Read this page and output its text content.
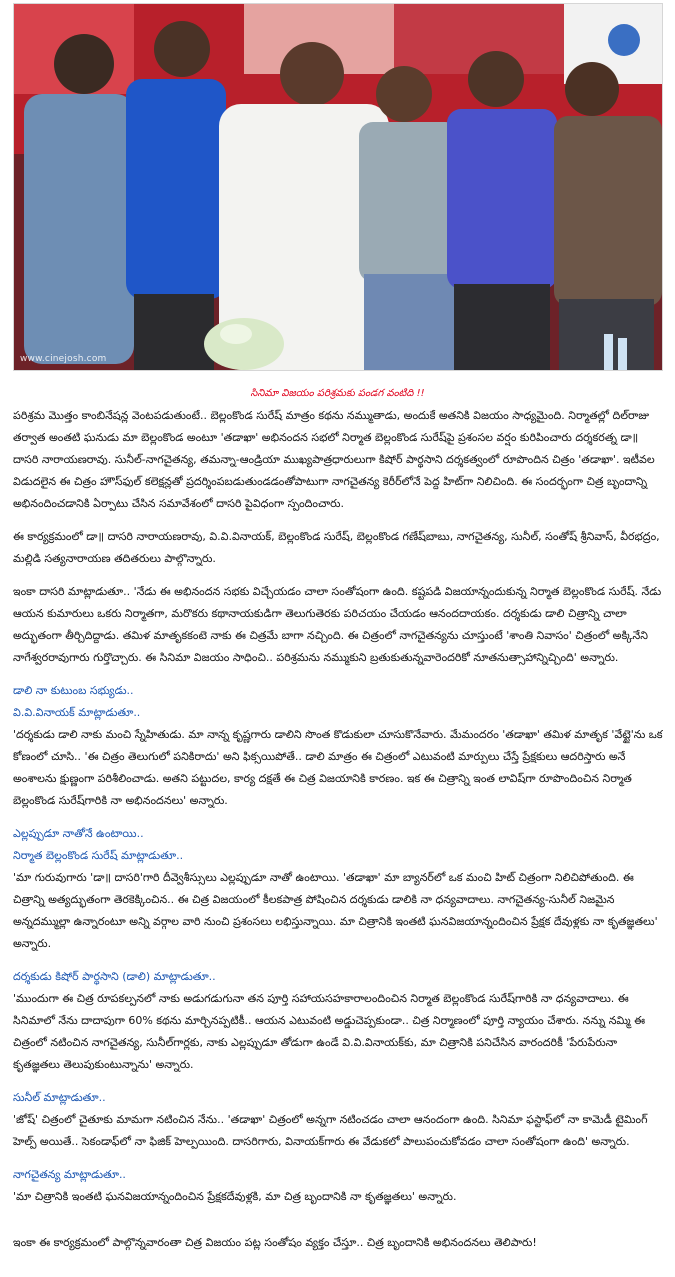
www.cinejosh.com
సినిమా విజయం పరిశ్రమకు పండగ వంటిది !!

పరిశ్రమ మొత్తం కాంబినేషన్ల వెంటపడుతుంటే.. బెల్లంకొండ సురేష్ మాత్రం కథను నమ్ముతాడు, అందుకే అతనికి విజయం సాధ్యమైంది. నిర్మాతల్లో దిల్‌రాజు తర్వాత అంతటి ఘనుడు మా బెల్లంకొండ అంటూ 'తడాఖా' అభినందన సభలో నిర్మాత బెల్లంకొండ సురేష్‌పై ప్రశంసల వర్షం కురిపించారు దర్శకరత్న డా॥దాసరి నారాయణరావు. సునీల్-నాగచైతన్య, తమన్నా-ఆండ్రియా ముఖ్యపాత్రధారులుగా కిషోర్ పార్థసాని దర్శకత్వంలో రూపొందిన చిత్రం 'తడాఖా'. ఇటీవల విడుదలైన ఈ చిత్రం హౌస్‌ఫుల్ కలెక్షన్లతో ప్రదర్శింపబడుతుండడంతోపాటుగా నాగచైతన్య కెరీర్‌లోనే పెద్ద హిట్‌గా నిలిచింది. ఈ సందర్భంగా చిత్ర బృందాన్ని అభినందించడానికి ఏర్పాటు చేసిన సమావేశంలో దాసరి పైవిధంగా స్పందించారు.

ఈ కార్యక్రమంలో డా॥ దాసరి నారాయణరావు, వి.వి.వినాయక్, బెల్లంకొండ సురేష్, బెల్లంకొండ గణేష్‌బాబు, నాగచైతన్య, సునీల్, సంతోష్ శ్రీనివాస్, వీరభద్రం, మల్లిడి సత్యనారాయణ తదితరులు పాల్గొన్నారు.

ఇంకా దాసరి మాట్లాడుతూ.. 'నేడు ఈ అభినందన సభకు విచ్చేయడం చాలా సంతోషంగా ఉంది. కష్టపడి విజయాన్నందుకున్న నిర్మాత బెల్లంకొండ సురేష్. నేడు ఆయన కుమారులు ఒకరు నిర్మాతగా, మరొకరు కథానాయకుడిగా తెలుగుతెరకు పరిచయం చేయడం ఆనందదాయకం. దర్శకుడు డాలి చిత్రాన్ని చాలా అద్భుతంగా తీర్చిదిద్దాడు. తమిళ మాతృకకంటె నాకు ఈ చిత్రమే బాగా నచ్చింది. ఈ చిత్రంలో నాగచైతన్యను చూస్తుంటే 'శాంతి నివాసం' చిత్రంలో అక్కినేని నాగేశ్వరరావుగారు గుర్తొచ్చారు. ఈ సినిమా విజయం సాధించి.. పరిశ్రమను నమ్ముకుని బ్రతుకుతున్నవారెందరికో నూతనుత్సాహాన్నిచ్చింది' అన్నారు.

డాలి నా కుటుంబ సభ్యుడు..
వి.వి.వినాయక్ మాట్లాడుతూ..

'దర్శకుడు డాలి నాకు మంచి స్నేహితుడు. మా నాన్న కృష్ణగారు డాలిని సొంత కొడుకులా చూసుకొనేవారు. మేమందరం 'తడాఖా' తమిళ మాతృక 'వేట్టై'ను ఒక కోణంలో చూసి.. 'ఈ చిత్రం తెలుగులో పనికిరాదు' అని ఫిక్సయిపోతే.. డాలి మాత్రం ఈ చిత్రంలో ఎటువంటి మార్పులు చేస్తే ప్రేక్షకులు ఆదరిస్తారు అనే అంశాలను క్షుణ్ణంగా పరిశీలించాడు. అతని పట్టుదల, కార్య దక్షతే ఈ చిత్ర విజయానికి కారణం. ఇక ఈ చిత్రాన్ని ఇంత లావిష్‌గా రూపొందించిన నిర్మాత బెల్లంకొండ సురేష్‌గారికి నా అభినందనలు' అన్నారు.

ఎల్లప్పుడూ నాతోనే ఉంటాయి..
నిర్మాత బెల్లంకొండ సురేష్ మాట్లాడుతూ..

'మా గురువుగారు 'డా॥ దాసరి'గారి దీవ్వెశీస్సులు ఎల్లప్పుడూ నాతో ఉంటాయి. 'తడాఖా' మా బ్యానర్‌లో ఒక మంచి హిట్ చిత్రంగా నిలిచిపోతుంది. ఈ చిత్రాన్ని అత్యద్భుతంగా తెరకెక్కించిన.. ఈ చిత్ర విజయంలో కీలకపాత్ర పోషించిన దర్శకుడు డాలికి నా ధన్యవాదాలు. నాగచైతన్య-సునీల్ నిజమైన అన్నదమ్ముల్లా ఉన్నారంటూ అన్ని వర్గాల వారి నుంచి ప్రశంసలు లభిస్తున్నాయి. మా చిత్రానికి ఇంతటి ఘనవిజయాన్నందించిన ప్రేక్షక దేవుళ్లకు నా కృతజ్ఞతలు' అన్నారు.

దర్శకుడు కిషోర్ పార్థసాని (డాలి) మాట్లాడుతూ..

'ముందుగా ఈ చిత్ర రూపకల్పనలో నాకు అడుగడుగునా తన పూర్తి సహాయసహకారాలందించిన నిర్మాత బెల్లంకొండ సురేష్‌గారికి నా ధన్యవాదాలు. ఈ సినిమాలో నేను దాదాపుగా 60% కథను మార్చినప్పటికీ.. ఆయన ఎటువంటి అడ్డుచెప్పకుండా.. చిత్ర నిర్మాణంలో పూర్తి న్యాయం చేశారు. నన్ను నమ్మి ఈ చిత్రంలో నటించిన నాగచైతన్య, సునీల్‌గార్లకు, నాకు ఎల్లప్పుడూ తోడుగా ఉండే వి.వి.వినాయక్‌కు, మా చిత్రానికి పనిచేసిన వారందరికీ 'పేరుపేరునా కృతజ్ఞతలు తెలుపుకుంటున్నాను' అన్నారు.

సునీల్ మాట్లాడుతూ..

'జోష్' చిత్రంలో చైతూకు మామగా నటించిన నేను.. 'తడాఖా' చిత్రంలో అన్నగా నటించడం చాలా ఆనందంగా ఉంది. సినిమా ఫస్టాఫ్‌లో నా కామెడీ టైమింగ్ హెల్ప్ అయితే.. సెకండాఫ్‌లో నా ఫిజిక్ హెల్పయింది. దాసరిగారు, వినాయక్‌గారు ఈ వేడుకలో పాలుపంచుకోవడం చాలా సంతోషంగా ఉంది' అన్నారు.

నాగచైతన్య మాట్లాడుతూ..

'మా చిత్రానికి ఇంతటి ఘనవిజయాన్నందించిన ప్రేక్షకదేవుళ్లకి, మా చిత్ర బృందానికి నా కృతజ్ఞతలు' అన్నారు.

ఇంకా ఈ కార్యక్రమంలో పాల్గొన్నవారంతా చిత్ర విజయం పట్ల సంతోషం వ్యక్తం చేస్తూ.. చిత్ర బృందానికి అభినందనలు తెలిపారు!
